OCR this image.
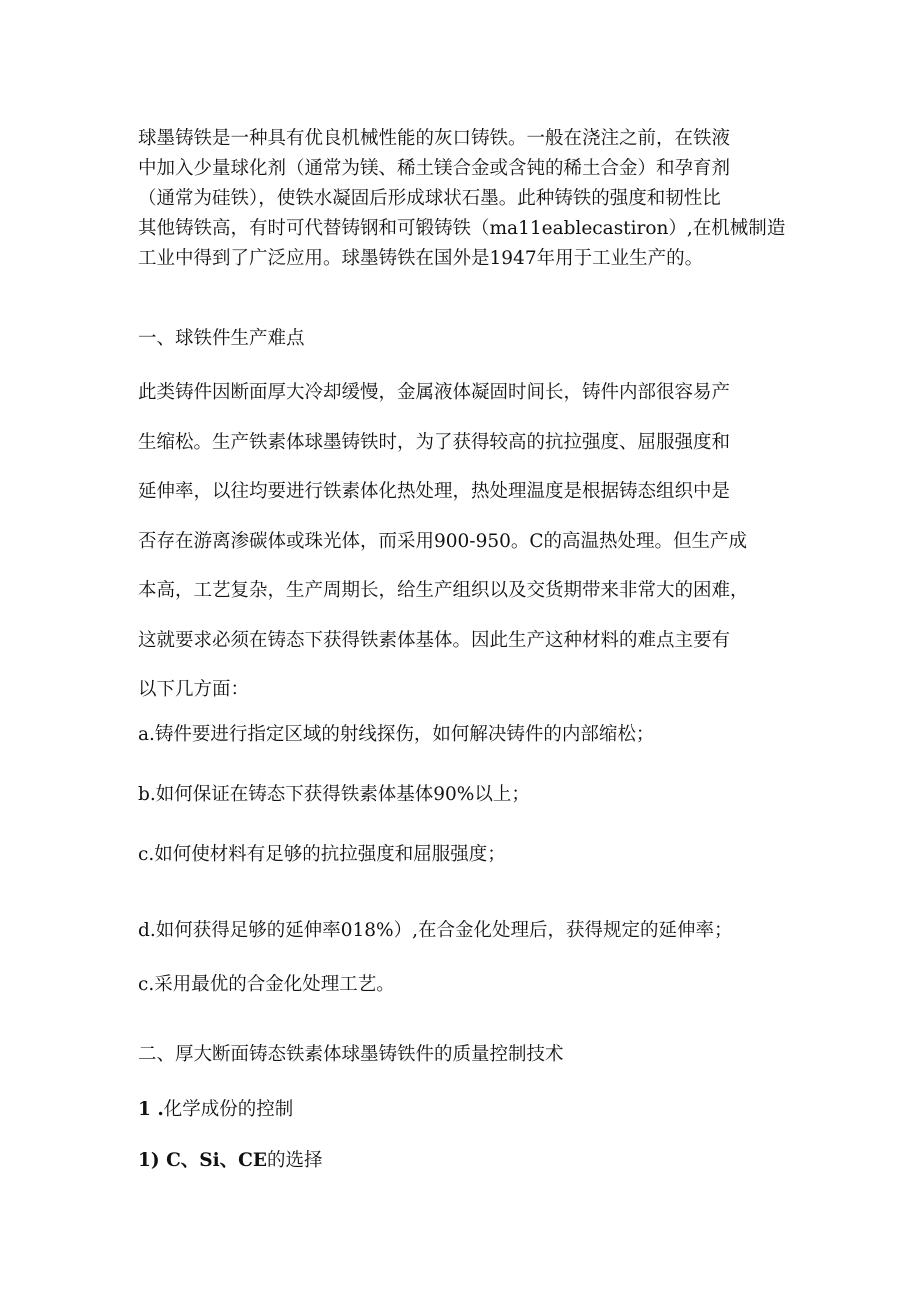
球墨铸铁是一种具有优良机械性能的灰口铸铁。一般在浇注之前，在铁液
中加入少量球化剂（通常为镁、稀土镁合金或含钝的稀土合金）和孕育剂
（通常为硅铁），使铁水凝固后形成球状石墨。此种铸铁的强度和韧性比
其他铸铁高，有时可代替铸钢和可锻铸铁（ma11eablecastiron）,在机械制造
工业中得到了广泛应用。球墨铸铁在国外是1947年用于工业生产的。
一、球铁件生产难点
此类铸件因断面厚大冷却缓慢，金属液体凝固时间长，铸件内部很容易产
生缩松。生产铁素体球墨铸铁时，为了获得较高的抗拉强度、屈服强度和
延伸率，以往均要进行铁素体化热处理，热处理温度是根据铸态组织中是
否存在游离渗碳体或珠光体，而采用900-950。C的高温热处理。但生产成
本高，工艺复杂，生产周期长，给生产组织以及交货期带来非常大的困难，
这就要求必须在铸态下获得铁素体基体。因此生产这种材料的难点主要有
以下几方面：
a.铸件要进行指定区域的射线探伤，如何解决铸件的内部缩松；
b.如何保证在铸态下获得铁素体基体90%以上；
c.如何使材料有足够的抗拉强度和屈服强度；
d.如何获得足够的延伸率018%）,在合金化处理后，获得规定的延伸率；
c.采用最优的合金化处理工艺。
二、厚大断面铸态铁素体球墨铸铁件的质量控制技术
1 .化学成份的控制
1) C、Si、CE的选择
